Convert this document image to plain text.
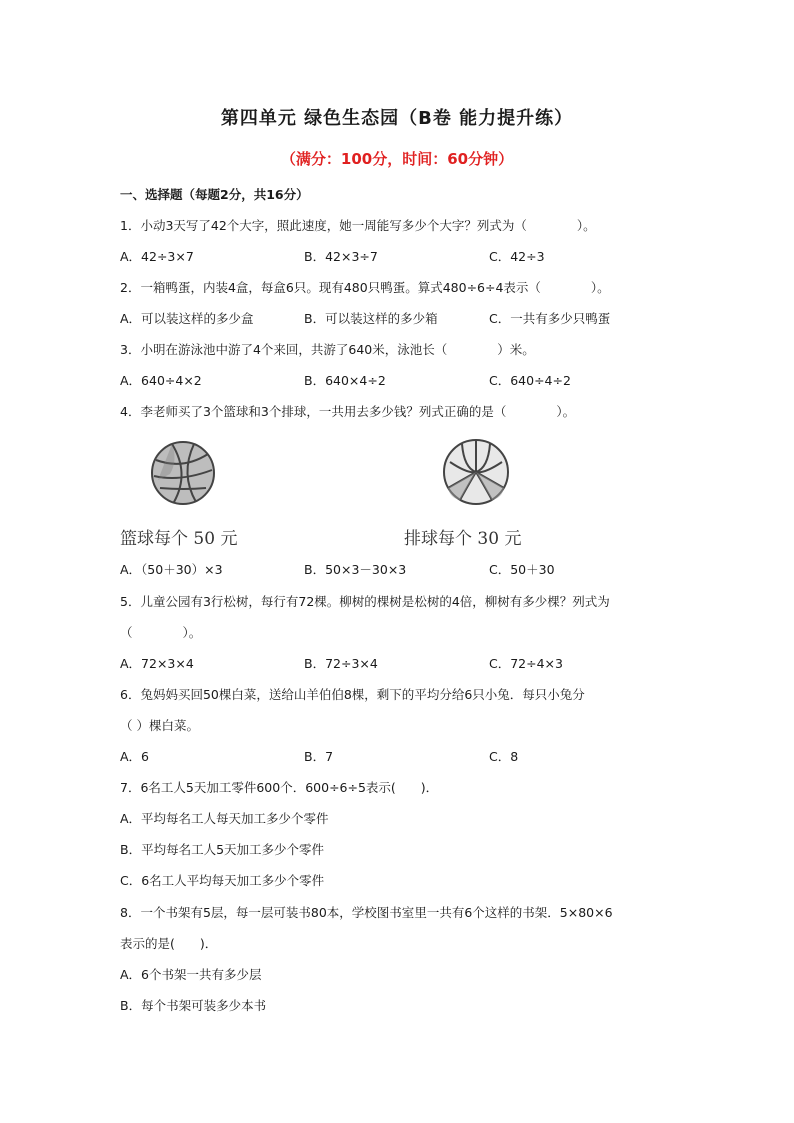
第四单元 绿色生态园（B卷 能力提升练）
（满分：100分，时间：60分钟）
一、选择题（每题2分，共16分）
1．小动3天写了42个大字，照此速度，她一周能写多少个大字？列式为（　　　　）。
A．42÷3×7	B．42×3÷7	C．42÷3
2．一箱鸭蛋，内装4盒，每盒6只。现有480只鸭蛋。算式480÷6÷4表示（　　　　）。
A．可以装这样的多少盒	B．可以装这样的多少箱	C．一共有多少只鸭蛋
3．小明在游泳池中游了4个来回，共游了640米，泳池长（　　　　）米。
A．640÷4×2	B．640×4÷2	C．640÷4÷2
4．李老师买了3个篮球和3个排球，一共用去多少钱？列式正确的是（　　　　）。
篮球每个 50 元	排球每个 30 元
A．（50＋30）×3	B．50×3－30×3	C．50＋30
5．儿童公园有3行松树，每行有72棵。柳树的棵树是松树的4倍，柳树有多少棵？列式为
（　　　　）。
A．72×3×4	B．72÷3×4	C．72÷4×3
6．兔妈妈买回50棵白菜，送给山羊伯伯8棵，剩下的平均分给6只小兔．每只小兔分
（ ）棵白菜。
A．6	B．7	C．8
7．6名工人5天加工零件600个．600÷6÷5表示(　　)．
A．平均每名工人每天加工多少个零件
B．平均每名工人5天加工多少个零件
C．6名工人平均每天加工多少个零件
8．一个书架有5层，每一层可装书80本，学校图书室里一共有6个这样的书架．5×80×6
表示的是(　　)．
A．6个书架一共有多少层
B．每个书架可装多少本书
